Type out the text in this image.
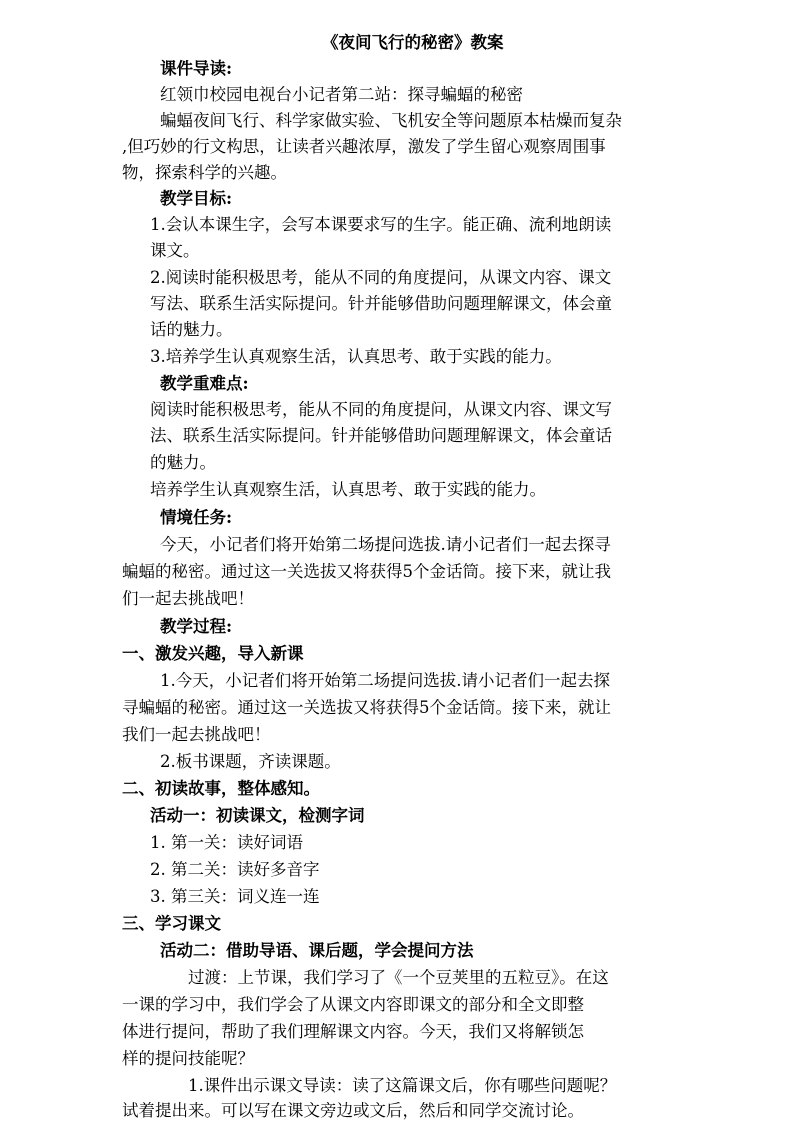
《夜间飞行的秘密》教案
课件导读:
红领巾校园电视台小记者第二站：探寻蝙蝠的秘密
蝙蝠夜间飞行、科学家做实验、飞机安全等问题原本枯燥而复杂
,但巧妙的行文构思，让读者兴趣浓厚，激发了学生留心观察周围事
物，探索科学的兴趣。
教学目标:
1.会认本课生字，会写本课要求写的生字。能正确、流利地朗读
课文。
2.阅读时能积极思考，能从不同的角度提问，从课文内容、课文
写法、联系生活实际提问。针并能够借助问题理解课文，体会童
话的魅力。
3.培养学生认真观察生活，认真思考、敢于实践的能力。
教学重难点:
阅读时能积极思考，能从不同的角度提问，从课文内容、课文写
法、联系生活实际提问。针并能够借助问题理解课文，体会童话
的魅力。
培养学生认真观察生活，认真思考、敢于实践的能力。
情境任务:
今天，小记者们将开始第二场提问选拔.请小记者们一起去探寻
蝙蝠的秘密。通过这一关选拔又将获得5个金话筒。接下来，就让我
们一起去挑战吧！
教学过程:
一、激发兴趣，导入新课
1.今天，小记者们将开始第二场提问选拔.请小记者们一起去探
寻蝙蝠的秘密。通过这一关选拔又将获得5个金话筒。接下来，就让
我们一起去挑战吧！
2.板书课题，齐读课题。
二、初读故事，整体感知。
活动一：初读课文，检测字词
1. 第一关：读好词语
2. 第二关：读好多音字
3. 第三关：词义连一连
三、学习课文
活动二：借助导语、课后题，学会提问方法
过渡：上节课，我们学习了《一个豆荚里的五粒豆》。在这
一课的学习中，我们学会了从课文内容即课文的部分和全文即整
体进行提问，帮助了我们理解课文内容。今天，我们又将解锁怎
样的提问技能呢？
1.课件出示课文导读：读了这篇课文后，你有哪些问题呢？
试着提出来。可以写在课文旁边或文后，然后和同学交流讨论。
